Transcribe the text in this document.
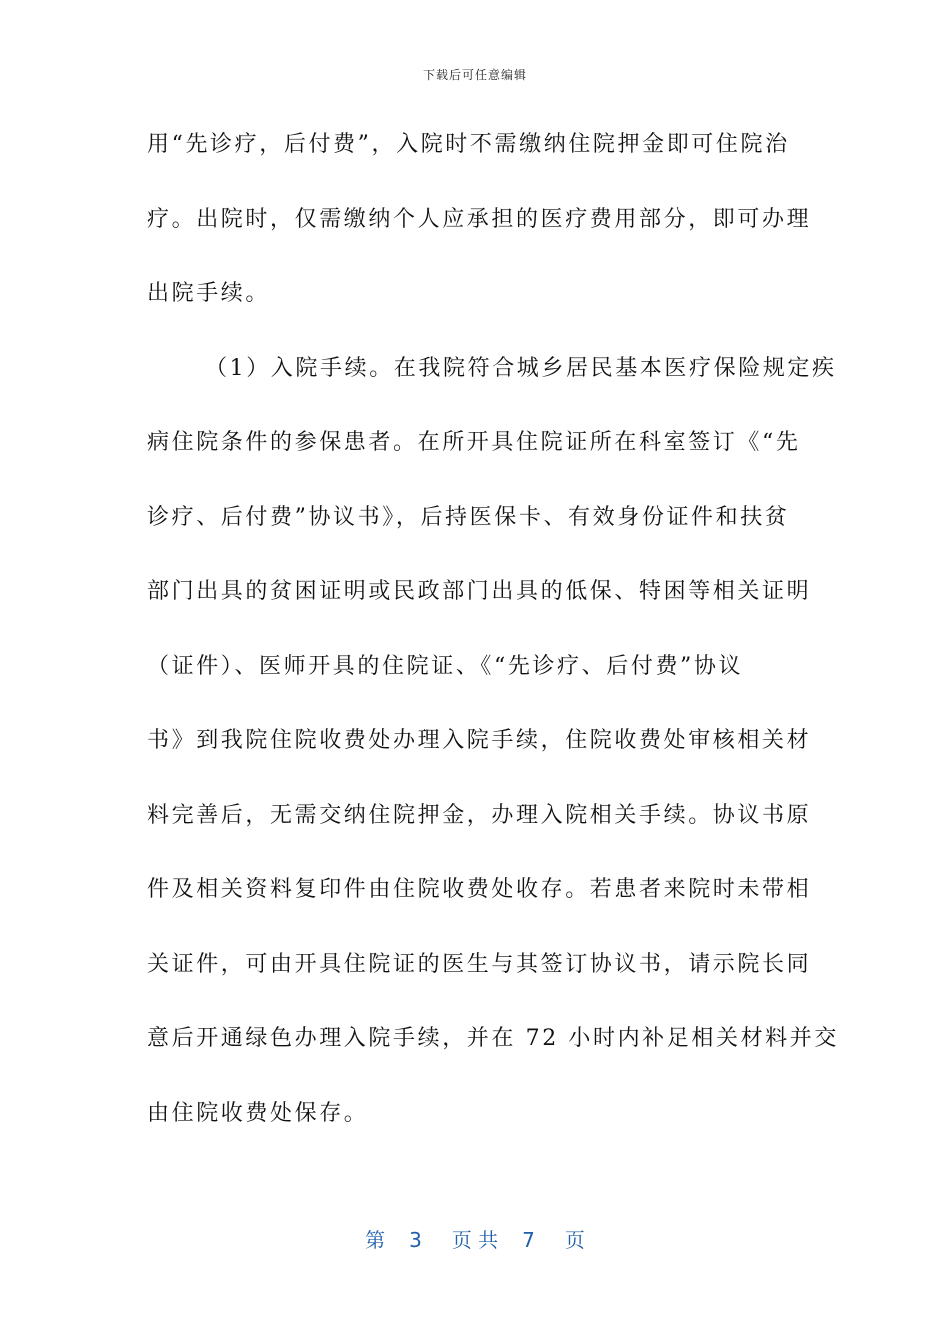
下载后可任意编辑
用“先诊疗，后付费”，入院时不需缴纳住院押金即可住院治
疗。出院时，仅需缴纳个人应承担的医疗费用部分，即可办理
出院手续。
（1）入院手续。在我院符合城乡居民基本医疗保险规定疾
病住院条件的参保患者。在所开具住院证所在科室签订《“先
诊疗、后付费”协议书》，后持医保卡、有效身份证件和扶贫
部门出具的贫困证明或民政部门出具的低保、特困等相关证明
（证件）、医师开具的住院证、《“先诊疗、后付费”协议
书》到我院住院收费处办理入院手续，住院收费处审核相关材
料完善后，无需交纳住院押金，办理入院相关手续。协议书原
件及相关资料复印件由住院收费处收存。若患者来院时未带相
关证件，可由开具住院证的医生与其签订协议书，请示院长同
意后开通绿色办理入院手续，并在 72 小时内补足相关材料并交
由住院收费处保存。
第 3 页 共 7 页
